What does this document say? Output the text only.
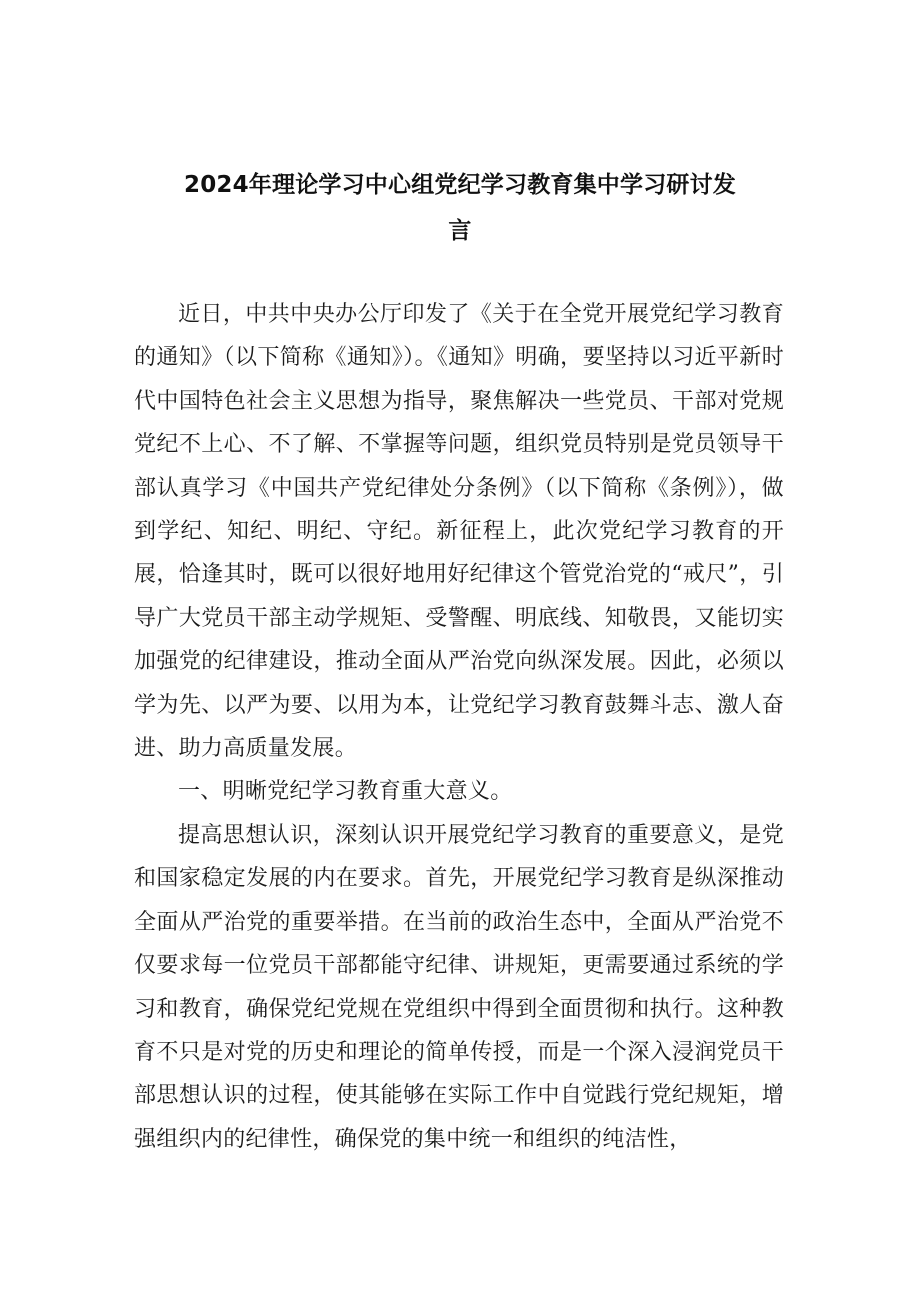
2024年理论学习中心组党纪学习教育集中学习研讨发
言

近日，中共中央办公厅印发了《关于在全党开展党纪学习教育的通知》（以下简称《通知》）。《通知》明确，要坚持以习近平新时代中国特色社会主义思想为指导，聚焦解决一些党员、干部对党规党纪不上心、不了解、不掌握等问题，组织党员特别是党员领导干部认真学习《中国共产党纪律处分条例》（以下简称《条例》），做到学纪、知纪、明纪、守纪。新征程上，此次党纪学习教育的开展，恰逢其时，既可以很好地用好纪律这个管党治党的“戒尺”，引导广大党员干部主动学规矩、受警醒、明底线、知敬畏，又能切实加强党的纪律建设，推动全面从严治党向纵深发展。因此，必须以学为先、以严为要、以用为本，让党纪学习教育鼓舞斗志、激人奋进、助力高质量发展。

一、明晰党纪学习教育重大意义。

提高思想认识，深刻认识开展党纪学习教育的重要意义，是党和国家稳定发展的内在要求。首先，开展党纪学习教育是纵深推动全面从严治党的重要举措。在当前的政治生态中，全面从严治党不仅要求每一位党员干部都能守纪律、讲规矩，更需要通过系统的学习和教育，确保党纪党规在党组织中得到全面贯彻和执行。这种教育不只是对党的历史和理论的简单传授，而是一个深入浸润党员干部思想认识的过程，使其能够在实际工作中自觉践行党纪规矩，增强组织内的纪律性，确保党的集中统一和组织的纯洁性，
